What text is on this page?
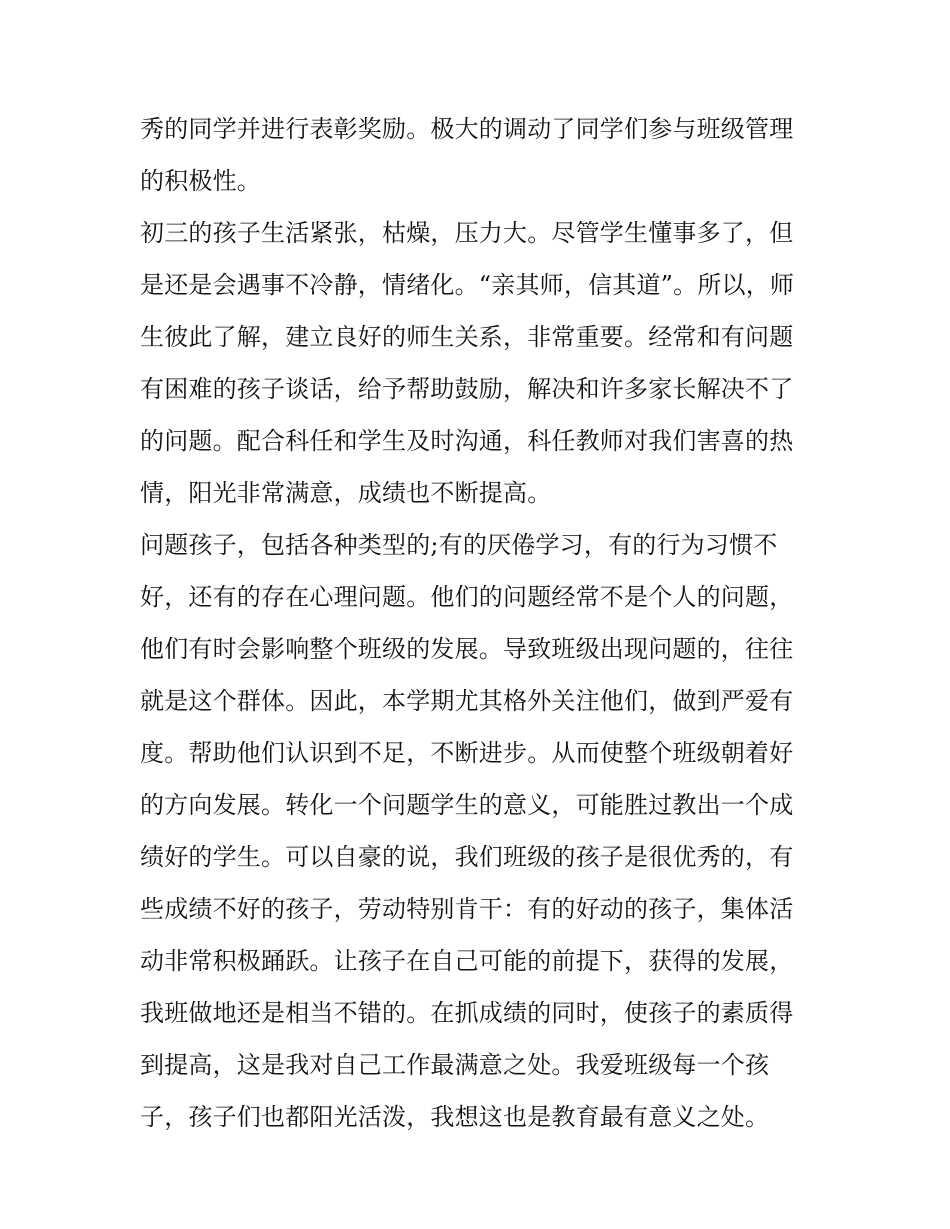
秀的同学并进行表彰奖励。极大的调动了同学们参与班级管理
的积极性。
初三的孩子生活紧张，枯燥，压力大。尽管学生懂事多了，但
是还是会遇事不冷静，情绪化。“亲其师，信其道”。所以，师
生彼此了解，建立良好的师生关系，非常重要。经常和有问题
有困难的孩子谈话，给予帮助鼓励，解决和许多家长解决不了
的问题。配合科任和学生及时沟通，科任教师对我们害喜的热
情，阳光非常满意，成绩也不断提高。
问题孩子，包括各种类型的;有的厌倦学习，有的行为习惯不
好，还有的存在心理问题。他们的问题经常不是个人的问题，
他们有时会影响整个班级的发展。导致班级出现问题的，往往
就是这个群体。因此，本学期尤其格外关注他们，做到严爱有
度。帮助他们认识到不足，不断进步。从而使整个班级朝着好
的方向发展。转化一个问题学生的意义，可能胜过教出一个成
绩好的学生。可以自豪的说，我们班级的孩子是很优秀的，有
些成绩不好的孩子，劳动特别肯干：有的好动的孩子，集体活
动非常积极踊跃。让孩子在自己可能的前提下，获得的发展，
我班做地还是相当不错的。在抓成绩的同时，使孩子的素质得
到提高，这是我对自己工作最满意之处。我爱班级每一个孩
子，孩子们也都阳光活泼，我想这也是教育最有意义之处。
